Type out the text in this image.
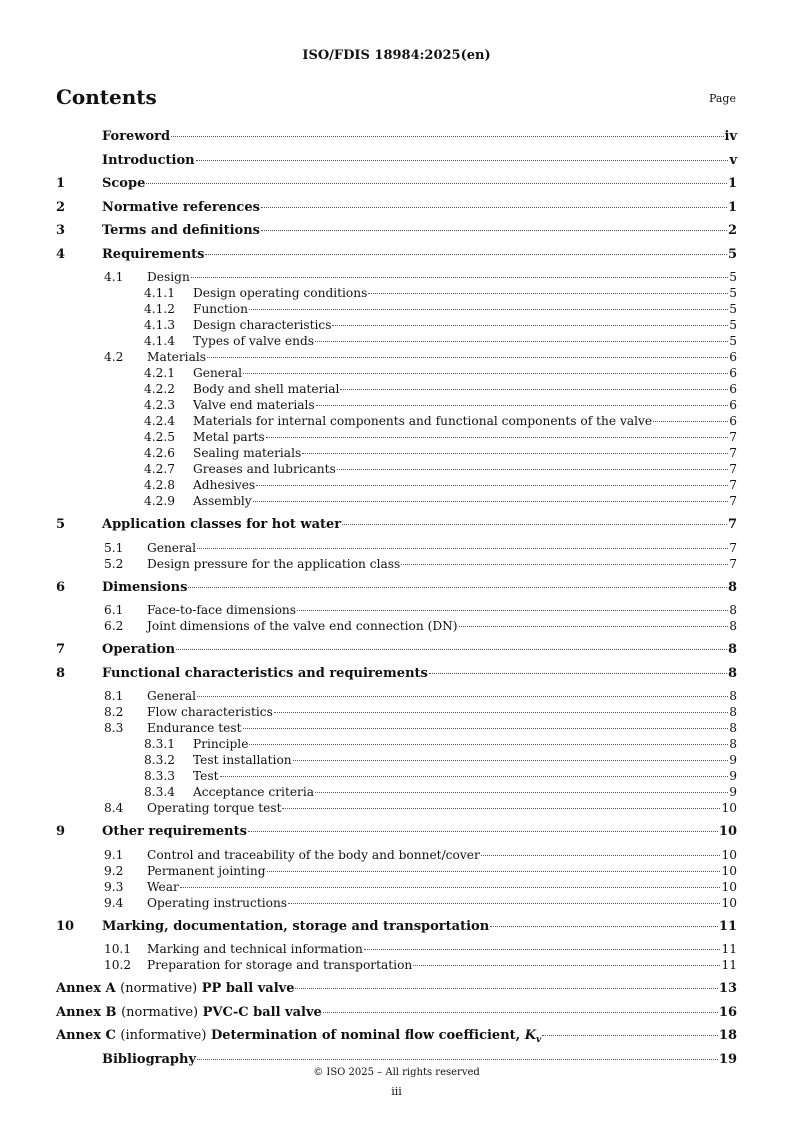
ISO/FDIS 18984:2025(en)
Contents	Page
Foreword	iv
Introduction	v
1	Scope	1
2	Normative references	1
3	Terms and definitions	2
4	Requirements	5
4.1	Design	5
4.1.1	Design operating conditions	5
4.1.2	Function	5
4.1.3	Design characteristics	5
4.1.4	Types of valve ends	5
4.2	Materials	6
4.2.1	General	6
4.2.2	Body and shell material	6
4.2.3	Valve end materials	6
4.2.4	Materials for internal components and functional components of the valve	6
4.2.5	Metal parts	7
4.2.6	Sealing materials	7
4.2.7	Greases and lubricants	7
4.2.8	Adhesives	7
4.2.9	Assembly	7
5	Application classes for hot water	7
5.1	General	7
5.2	Design pressure for the application class	7
6	Dimensions	8
6.1	Face-to-face dimensions	8
6.2	Joint dimensions of the valve end connection (DN)	8
7	Operation	8
8	Functional characteristics and requirements	8
8.1	General	8
8.2	Flow characteristics	8
8.3	Endurance test	8
8.3.1	Principle	8
8.3.2	Test installation	9
8.3.3	Test	9
8.3.4	Acceptance criteria	9
8.4	Operating torque test	10
9	Other requirements	10
9.1	Control and traceability of the body and bonnet/cover	10
9.2	Permanent jointing	10
9.3	Wear	10
9.4	Operating instructions	10
10	Marking, documentation, storage and transportation	11
10.1	Marking and technical information	11
10.2	Preparation for storage and transportation	11
Annex A (normative) PP ball valve	13
Annex B (normative) PVC-C ball valve	16
Annex C (informative) Determination of nominal flow coefficient, $K_v$	18
Bibliography	19
© ISO 2025 – All rights reserved
iii
